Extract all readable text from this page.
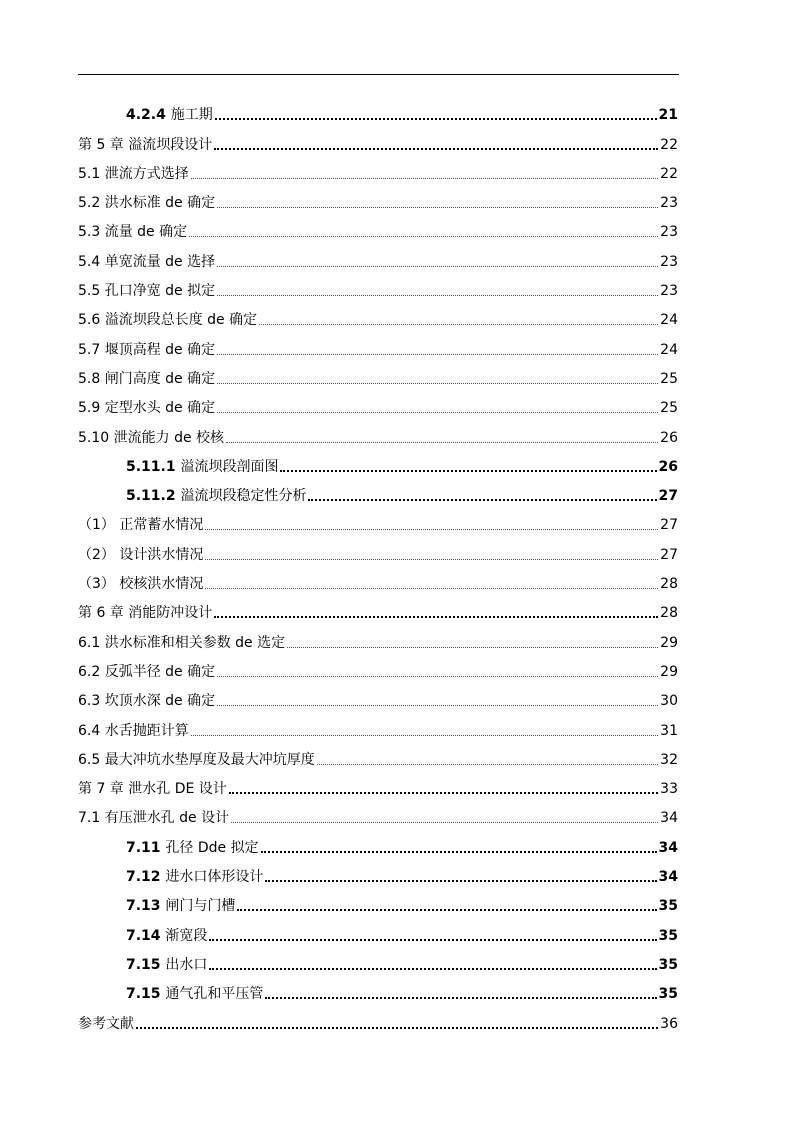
4.2.4 施工期	21
第 5 章 溢流坝段设计	22
5.1 泄流方式选择	22
5.2 洪水标准 de 确定	23
5.3 流量 de 确定	23
5.4 单宽流量 de 选择	23
5.5 孔口净宽 de 拟定	23
5.6 溢流坝段总长度 de 确定	24
5.7 堰顶高程 de 确定	24
5.8 闸门高度 de 确定	25
5.9 定型水头 de 确定	25
5.10 泄流能力 de 校核	26
5.11.1 溢流坝段剖面图	26
5.11.2 溢流坝段稳定性分析	27
（1） 正常蓄水情况	27
（2） 设计洪水情况	27
（3） 校核洪水情况	28
第 6 章 消能防冲设计	28
6.1 洪水标准和相关参数 de 选定	29
6.2 反弧半径 de 确定	29
6.3 坎顶水深 de 确定	30
6.4 水舌抛距计算	31
6.5 最大冲坑水垫厚度及最大冲坑厚度	32
第 7 章 泄水孔 DE 设计	33
7.1 有压泄水孔 de 设计	34
7.11 孔径 Dde 拟定	34
7.12 进水口体形设计	34
7.13 闸门与门槽	35
7.14 渐宽段	35
7.15 出水口	35
7.15 通气孔和平压管	35
参考文献	36
